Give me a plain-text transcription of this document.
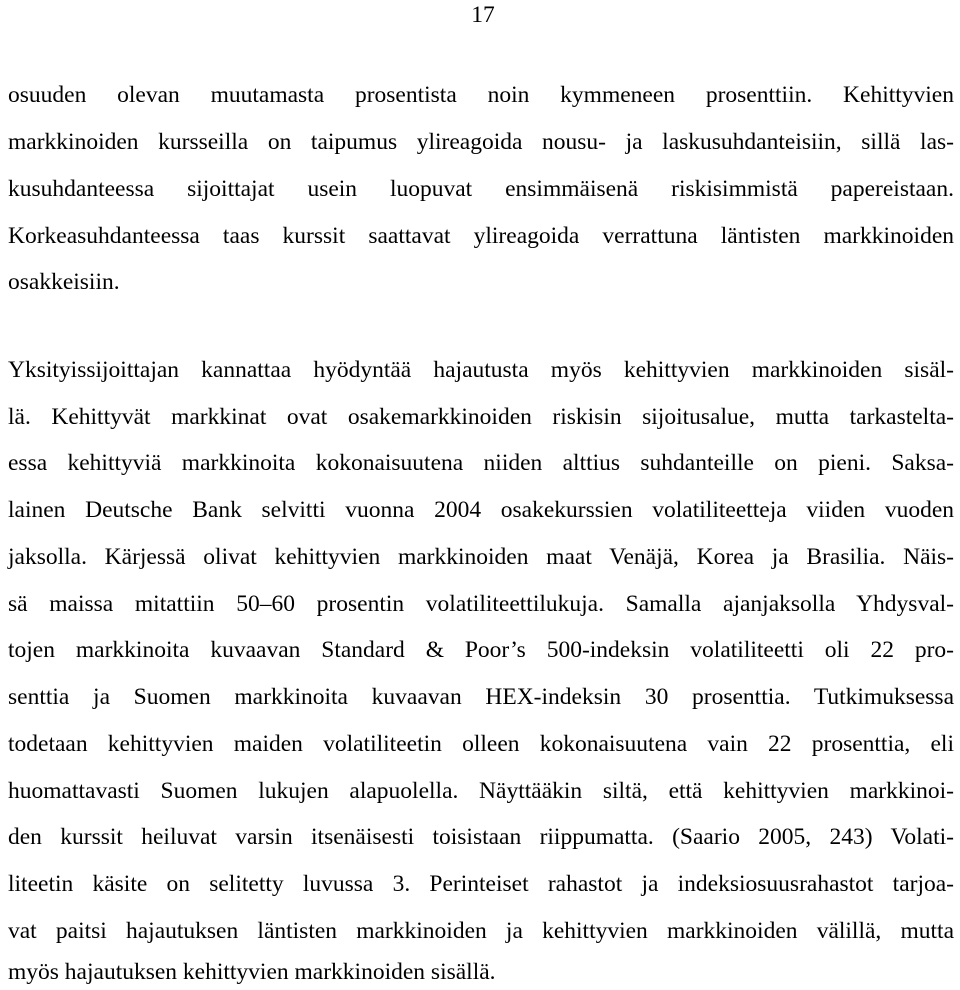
17
osuuden olevan muutamasta prosentista noin kymmeneen prosenttiin. Kehittyvien
markkinoiden kursseilla on taipumus ylireagoida nousu- ja laskusuhdanteisiin, sillä las-
kusuhdanteessa sijoittajat usein luopuvat ensimmäisenä riskisimmistä papereistaan.
Korkeasuhdanteessa taas kurssit saattavat ylireagoida verrattuna läntisten markkinoiden
osakkeisiin.
Yksityissijoittajan kannattaa hyödyntää hajautusta myös kehittyvien markkinoiden sisäl-
lä. Kehittyvät markkinat ovat osakemarkkinoiden riskisin sijoitusalue, mutta tarkastelta-
essa kehittyviä markkinoita kokonaisuutena niiden alttius suhdanteille on pieni. Saksa-
lainen Deutsche Bank selvitti vuonna 2004 osakekurssien volatiliteetteja viiden vuoden
jaksolla. Kärjessä olivat kehittyvien markkinoiden maat Venäjä, Korea ja Brasilia. Näis-
sä maissa mitattiin 50–60 prosentin volatiliteettilukuja. Samalla ajanjaksolla Yhdysval-
tojen markkinoita kuvaavan Standard & Poor’s 500-indeksin volatiliteetti oli 22 pro-
senttia ja Suomen markkinoita kuvaavan HEX-indeksin 30 prosenttia. Tutkimuksessa
todetaan kehittyvien maiden volatiliteetin olleen kokonaisuutena vain 22 prosenttia, eli
huomattavasti Suomen lukujen alapuolella. Näyttääkin siltä, että kehittyvien markkinoi-
den kurssit heiluvat varsin itsenäisesti toisistaan riippumatta. (Saario 2005, 243) Volati-
liteetin käsite on selitetty luvussa 3. Perinteiset rahastot ja indeksiosuusrahastot tarjoa-
vat paitsi hajautuksen läntisten markkinoiden ja kehittyvien markkinoiden välillä, mutta
myös hajautuksen kehittyvien markkinoiden sisällä.
